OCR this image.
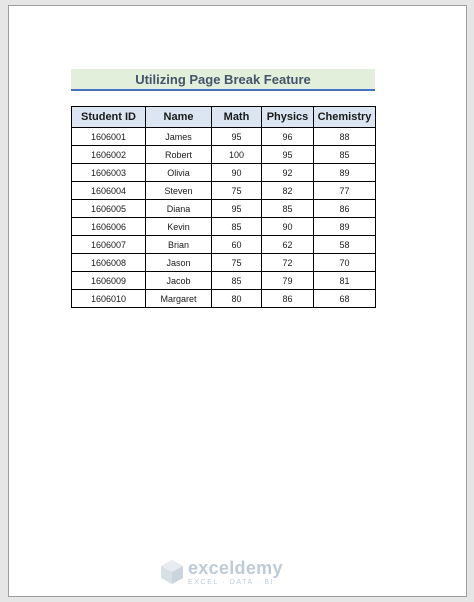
Utilizing Page Break Feature
Student ID	Name	Math	Physics	Chemistry
1606001	James	95	96	88
1606002	Robert	100	95	85
1606003	Olivia	90	92	89
1606004	Steven	75	82	77
1606005	Diana	95	85	86
1606006	Kevin	85	90	89
1606007	Brian	60	62	58
1606008	Jason	75	72	70
1606009	Jacob	85	79	81
1606010	Margaret	80	86	68
exceldemy
EXCEL · DATA · BI
